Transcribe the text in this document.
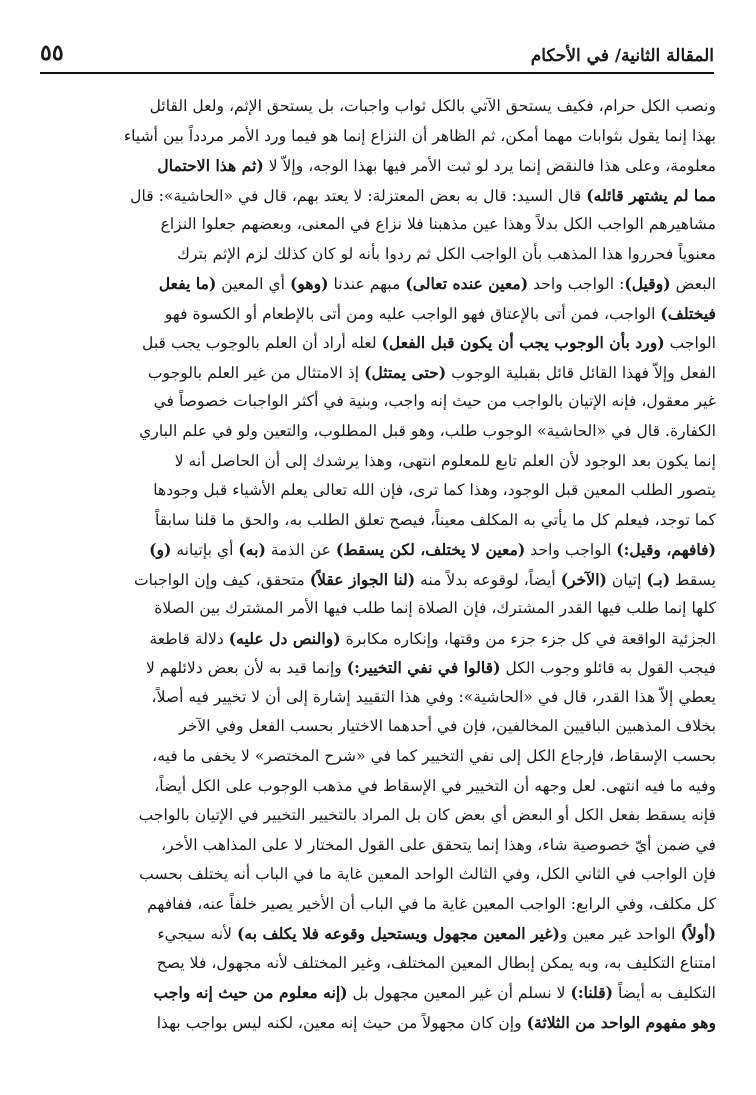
٥٥	المقالة الثانية/ في الأحكام
ونصب الكل حرام، فكيف يستحق الآتي بالكل ثواب واجبات، بل يستحق الإثم، ولعل القائل
بهذا إنما يقول بثوابات مهما أمكن، ثم الظاهر أن النزاع إنما هو فيما ورد الأمر مردداً بين أشياء
معلومة، وعلى هذا فالنقض إنما يرد لو ثبت الأمر فيها بهذا الوجه، وإلاّ لا (ثم هذا الاحتمال
مما لم يشتهر قائله) قال السيد: قال به بعض المعتزلة: لا يعتد بهم، قال في «الحاشية»: قال
مشاهيرهم الواجب الكل بدلاً وهذا عين مذهبنا فلا نزاع في المعنى، وبعضهم جعلوا النزاع
معنوياً فحرروا هذا المذهب بأن الواجب الكل ثم ردوا بأنه لو كان كذلك لزم الإثم بترك
البعض (وقيل): الواجب واحد (معين عنده تعالى) مبهم عندنا (وهو) أي المعين (ما يفعل
فيختلف) الواجب، فمن أتى بالإعتاق فهو الواجب عليه ومن أتى بالإطعام أو الكسوة فهو
الواجب (ورد بأن الوجوب يجب أن يكون قبل الفعل) لعله أراد أن العلم بالوجوب يجب قبل
الفعل وإلاّ فهذا القائل قائل بقبلية الوجوب (حتى يمتثل) إذ الامتثال من غير العلم بالوجوب
غير معقول، فإنه الإتيان بالواجب من حيث إنه واجب، وبنية في أكثر الواجبات خصوصاً في
الكفارة. قال في «الحاشية» الوجوب طلب، وهو قبل المطلوب، والتعين ولو في علم الباري
إنما يكون بعد الوجود لأن العلم تابع للمعلوم انتهى، وهذا يرشدك إلى أن الحاصل أنه لا
يتصور الطلب المعين قبل الوجود، وهذا كما ترى، فإن الله تعالى يعلم الأشياء قبل وجودها
كما توجد، فيعلم كل ما يأتي به المكلف معيناً، فيصح تعلق الطلب به، والحق ما قلنا سابقاً
(فافهم، وقيل:) الواجب واحد (معين لا يختلف، لكن يسقط) عن الذمة (به) أي بإتيانه (و)
يسقط (بـ) إتيان (الآخر) أيضاً، لوقوعه بدلاً منه (لنا الجواز عقلاً) متحقق، كيف وإن الواجبات
كلها إنما طلب فيها القدر المشترك، فإن الصلاة إنما طلب فيها الأمر المشترك بين الصلاة
الجزئية الواقعة في كل جزء جزء من وقتها، وإنكاره مكابرة (والنص دل عليه) دلالة قاطعة
فيجب القول به قائلو وجوب الكل (قالوا في نفي التخيير:) وإنما قيد به لأن بعض دلائلهم لا
يعطي إلاّ هذا القدر، قال في «الحاشية»: وفي هذا التقييد إشارة إلى أن لا تخيير فيه أصلاً،
بخلاف المذهبين الباقيين المخالفين، فإن في أحدهما الاختيار بحسب الفعل وفي الآخر
بحسب الإسقاط، فإرجاع الكل إلى نفي التخيير كما في «شرح المختصر» لا يخفى ما فيه،
وفيه ما فيه انتهى. لعل وجهه أن التخيير في الإسقاط في مذهب الوجوب على الكل أيضاً،
فإنه يسقط بفعل الكل أو البعض أي بعض كان بل المراد بالتخيير التخيير في الإتيان بالواجب
في ضمن أيّ خصوصية شاء، وهذا إنما يتحقق على القول المختار لا على المذاهب الأخر،
فإن الواجب في الثاني الكل، وفي الثالث الواحد المعين غاية ما في الباب أنه يختلف بحسب
كل مكلف، وفي الرابع: الواجب المعين غاية ما في الباب أن الأخير يصير خلفاً عنه، ففافهم
(أولاً) الواحد غير معين و(غير المعين مجهول ويستحيل وقوعه فلا يكلف به) لأنه سيجيء
امتناع التكليف به، وبه يمكن إبطال المعين المختلف، وغير المختلف لأنه مجهول، فلا يصح
التكليف به أيضاً (قلنا:) لا نسلم أن غير المعين مجهول بل (إنه معلوم من حيث إنه واجب
وهو مفهوم الواحد من الثلاثة) وإن كان مجهولاً من حيث إنه معين، لكنه ليس بواجب بهذا
